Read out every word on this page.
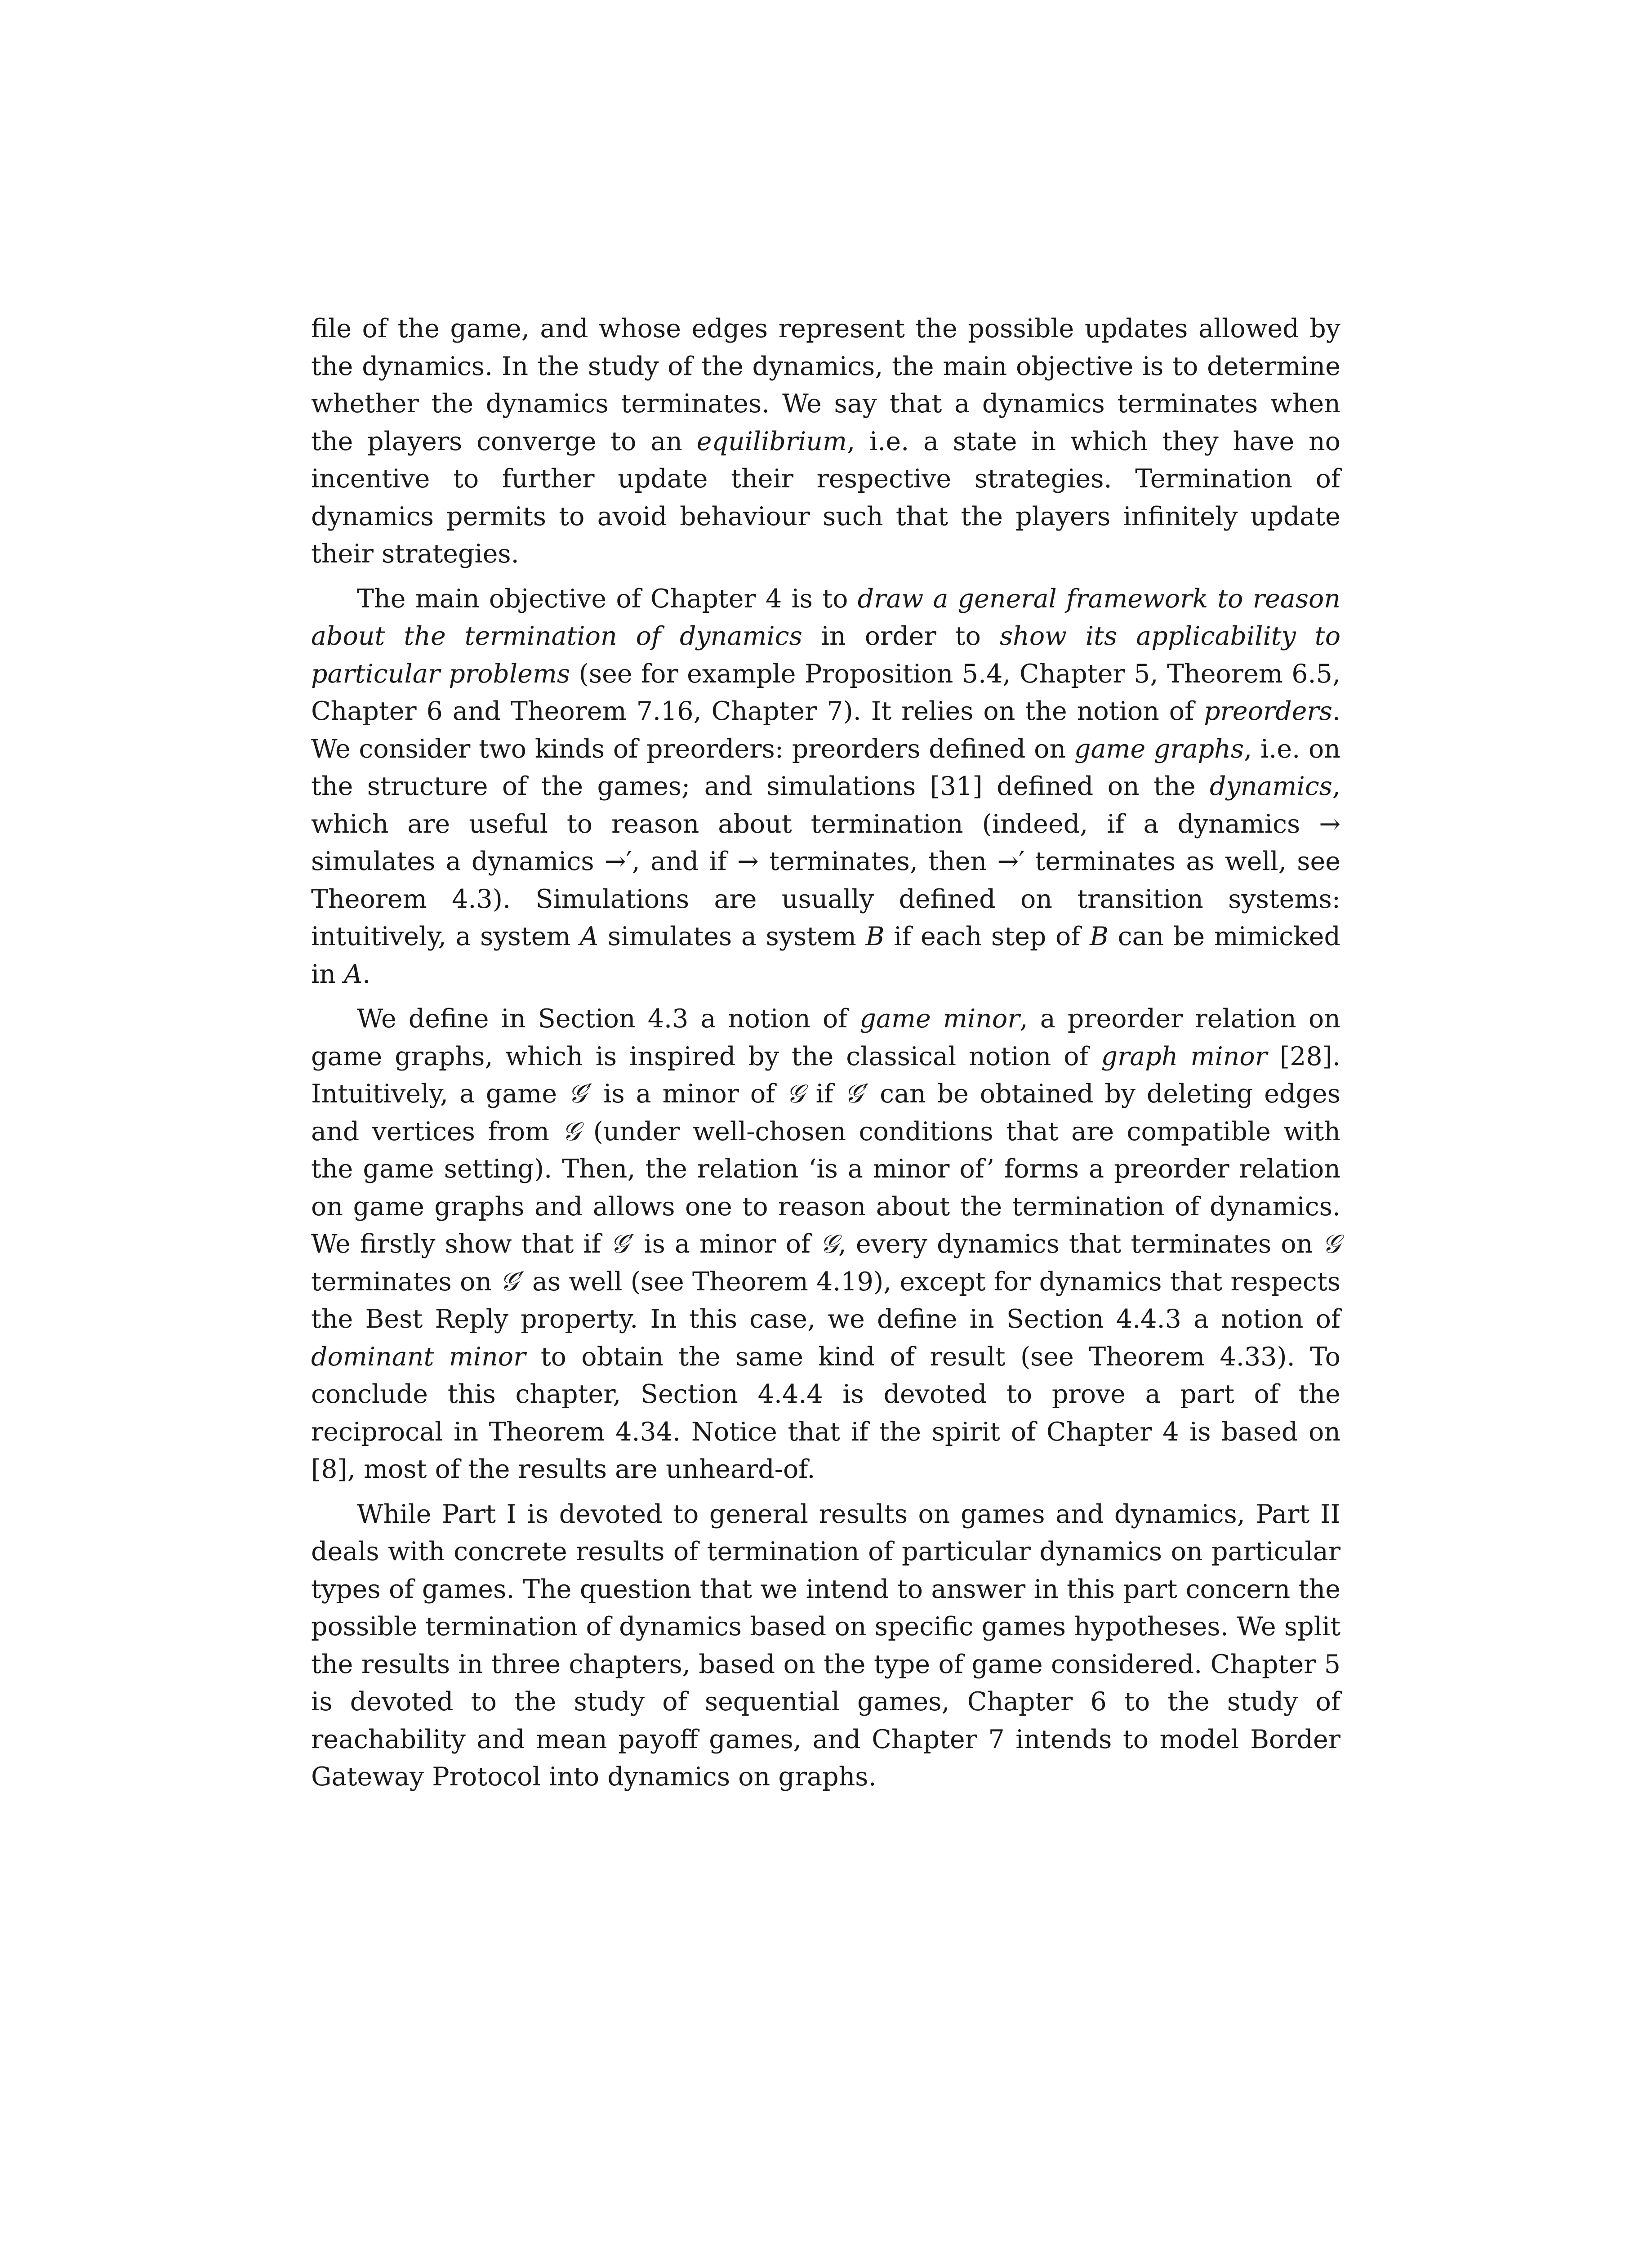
file of the game, and whose edges represent the possible updates allowed by the dynamics. In the study of the dynamics, the main objective is to determine whether the dynamics terminates. We say that a dynamics terminates when the players converge to an equilibrium, i.e. a state in which they have no incentive to further update their respective strategies. Termination of dynamics permits to avoid behaviour such that the players infinitely update their strategies.

The main objective of Chapter 4 is to draw a general framework to reason about the termination of dynamics in order to show its applicability to particular problems (see for example Proposition 5.4, Chapter 5, Theorem 6.5, Chapter 6 and Theorem 7.16, Chapter 7). It relies on the notion of preorders. We consider two kinds of preorders: preorders defined on game graphs, i.e. on the structure of the games; and simulations [31] defined on the dynamics, which are useful to reason about termination (indeed, if a dynamics → simulates a dynamics →′, and if → terminates, then →′ terminates as well, see Theorem 4.3). Simulations are usually defined on transition systems: intuitively, a system A simulates a system B if each step of B can be mimicked in A.

We define in Section 4.3 a notion of game minor, a preorder relation on game graphs, which is inspired by the classical notion of graph minor [28]. Intuitively, a game 𝒢′ is a minor of 𝒢 if 𝒢′ can be obtained by deleting edges and vertices from 𝒢 (under well-chosen conditions that are compatible with the game setting). Then, the relation ‘is a minor of’ forms a preorder relation on game graphs and allows one to reason about the termination of dynamics. We firstly show that if 𝒢′ is a minor of 𝒢, every dynamics that terminates on 𝒢 terminates on 𝒢′ as well (see Theorem 4.19), except for dynamics that respects the Best Reply property. In this case, we define in Section 4.4.3 a notion of dominant minor to obtain the same kind of result (see Theorem 4.33). To conclude this chapter, Section 4.4.4 is devoted to prove a part of the reciprocal in Theorem 4.34. Notice that if the spirit of Chapter 4 is based on [8], most of the results are unheard-of.

While Part I is devoted to general results on games and dynamics, Part II deals with concrete results of termination of particular dynamics on particular types of games. The question that we intend to answer in this part concern the possible termination of dynamics based on specific games hypotheses. We split the results in three chapters, based on the type of game considered. Chapter 5 is devoted to the study of sequential games, Chapter 6 to the study of reachability and mean payoff games, and Chapter 7 intends to model Border Gateway Protocol into dynamics on graphs.
